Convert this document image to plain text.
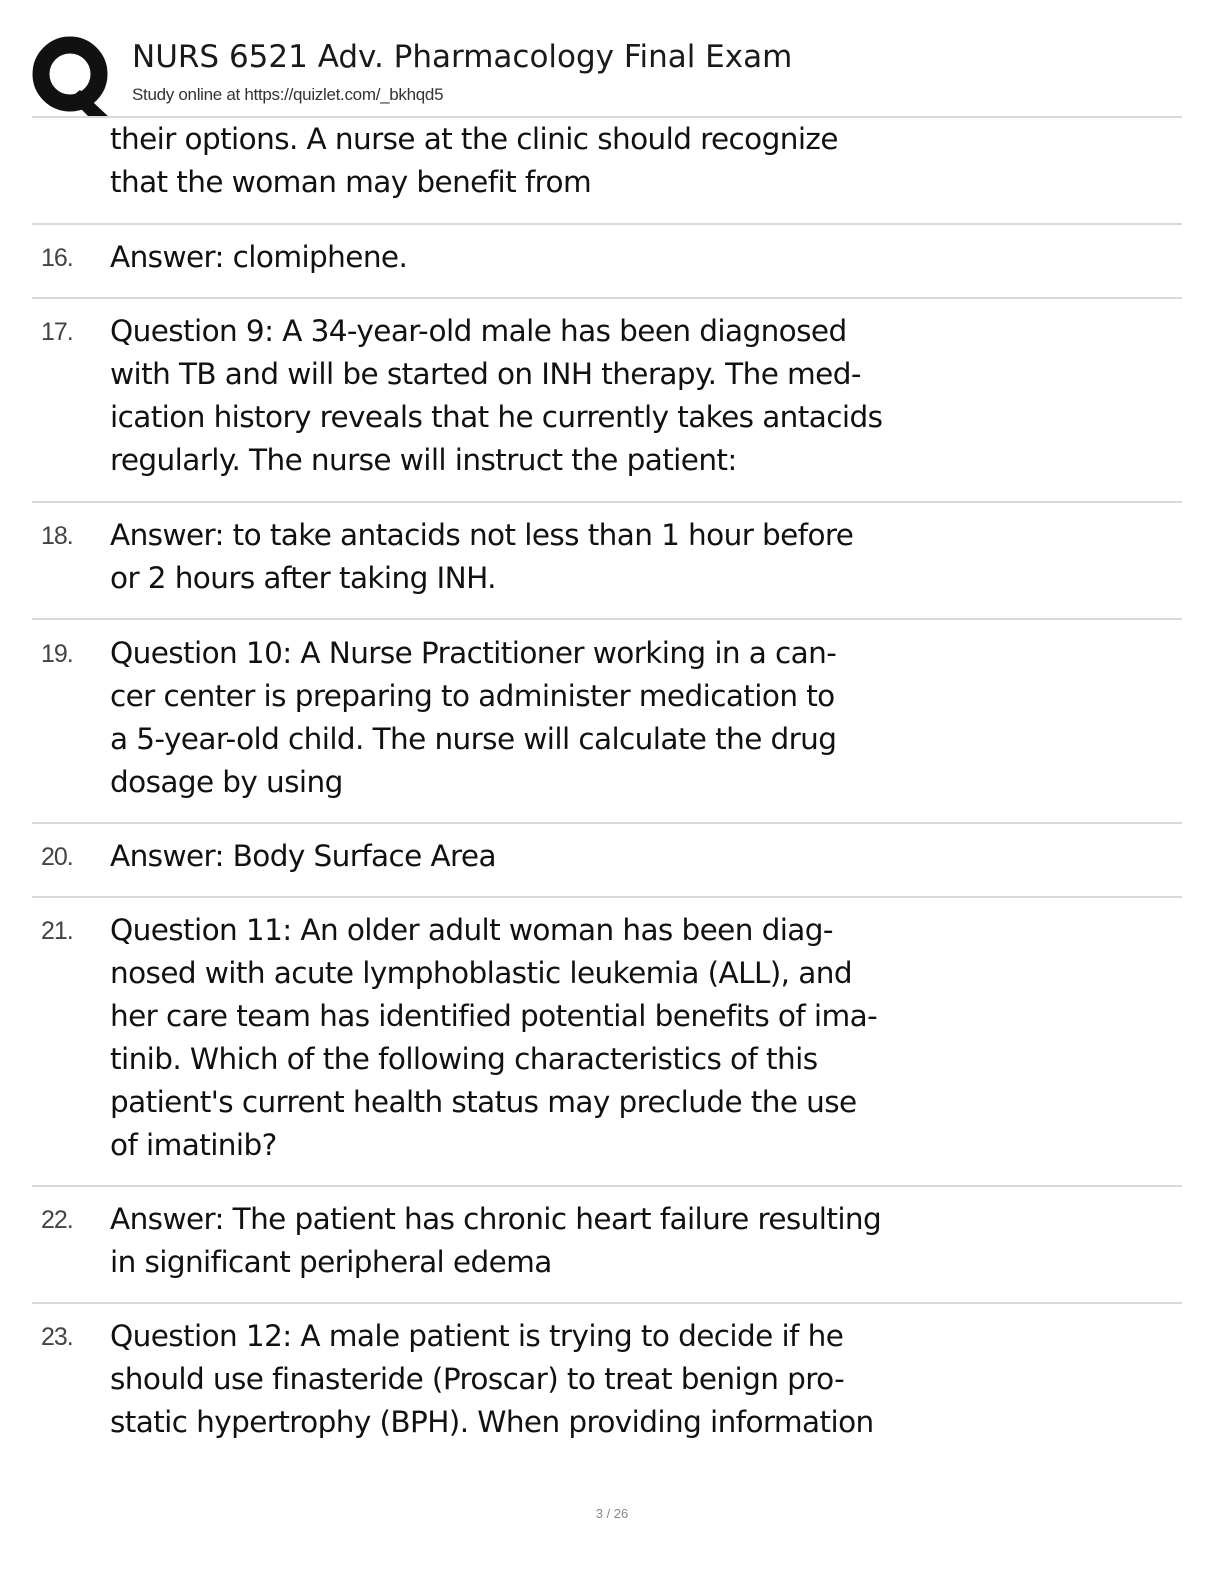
NURS 6521 Adv. Pharmacology Final Exam
Study online at https://quizlet.com/_bkhqd5
their options. A nurse at the clinic should recognize
that the woman may benefit from
16. Answer: clomiphene.
17. Question 9: A 34-year-old male has been diagnosed
with TB and will be started on INH therapy. The med-
ication history reveals that he currently takes antacids
regularly. The nurse will instruct the patient:
18. Answer: to take antacids not less than 1 hour before
or 2 hours after taking INH.
19. Question 10: A Nurse Practitioner working in a can-
cer center is preparing to administer medication to
a 5-year-old child. The nurse will calculate the drug
dosage by using
20. Answer: Body Surface Area
21. Question 11: An older adult woman has been diag-
nosed with acute lymphoblastic leukemia (ALL), and
her care team has identified potential benefits of ima-
tinib. Which of the following characteristics of this
patient's current health status may preclude the use
of imatinib?
22. Answer: The patient has chronic heart failure resulting
in significant peripheral edema
23. Question 12: A male patient is trying to decide if he
should use finasteride (Proscar) to treat benign pro-
static hypertrophy (BPH). When providing information
3 / 26
